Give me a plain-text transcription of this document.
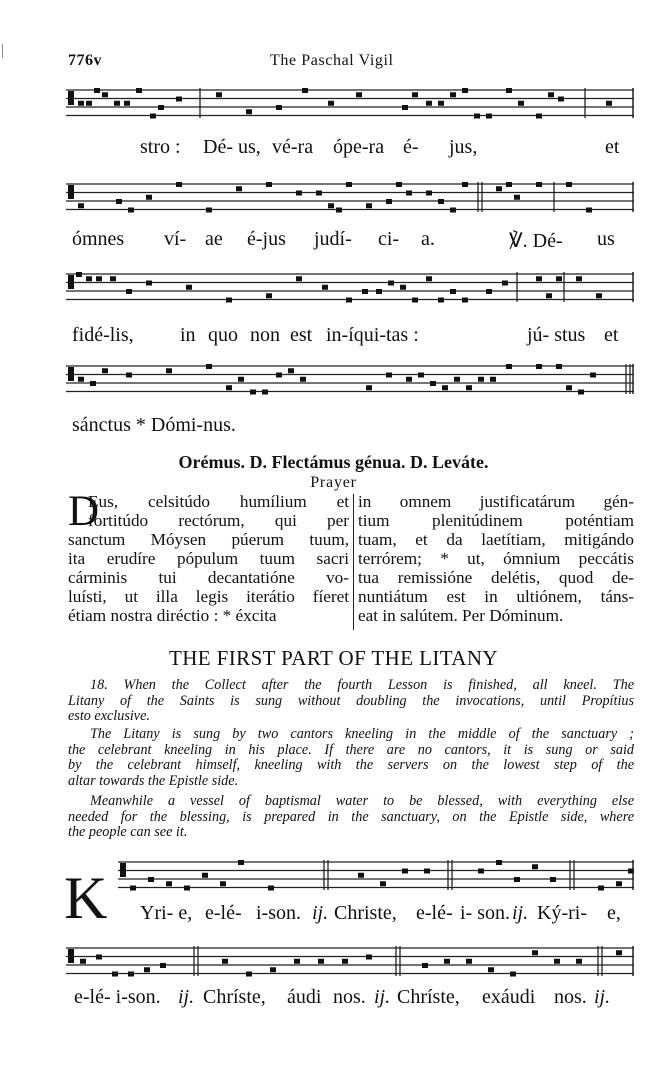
776v	The Paschal Vigil
stro : Dé- us, vé-ra ópe-ra é- jus,	et
ómnes ví- ae é-jus judí- ci- a.	℣. Dé- us
fidé-lis, in quo non est in-íqui-tas :	jú- stus et
sánctus * Dómi-nus.
Orémus. D. Flectámus génua. D. Leváte.
Prayer
D
Eus, celsitúdo humílium et
fortitúdo rectórum, qui per
sanctum Móysen púerum tuum,
ita erudíre pópulum tuum sacri
cárminis tui decantatióne vo-
luísti, ut illa legis iterátio fíeret
étiam nostra diréctio : * éxcita
in omnem justificatárum gén-
tium plenitúdinem poténtiam
tuam, et da laetítiam, mitigándo
terrórem; * ut, ómnium peccátis
tua remissióne delétis, quod de-
nuntiátum est in ultiónem, táns-
eat in salútem. Per Dóminum.
THE FIRST PART OF THE LITANY
18. When the Collect after the fourth Lesson is finished, all kneel. The
Litany of the Saints is sung without doubling the invocations, until Propítius
esto exclusive.
The Litany is sung by two cantors kneeling in the middle of the sanctuary ;
the celebrant kneeling in his place. If there are no cantors, it is sung or said
by the celebrant himself, kneeling with the servers on the lowest step of the
altar towards the Epistle side.
Meanwhile a vessel of baptismal water to be blessed, with everything else
needed for the blessing, is prepared in the sanctuary, on the Epistle side, where
the people can see it.
K Yri- e, e-lé- i-son. ij. Christe, e-lé- i- son. ij. Ký-ri- e,
e-lé- i-son. ij. Chríste, áudi nos. ij. Chríste, exáudi nos. ij.
